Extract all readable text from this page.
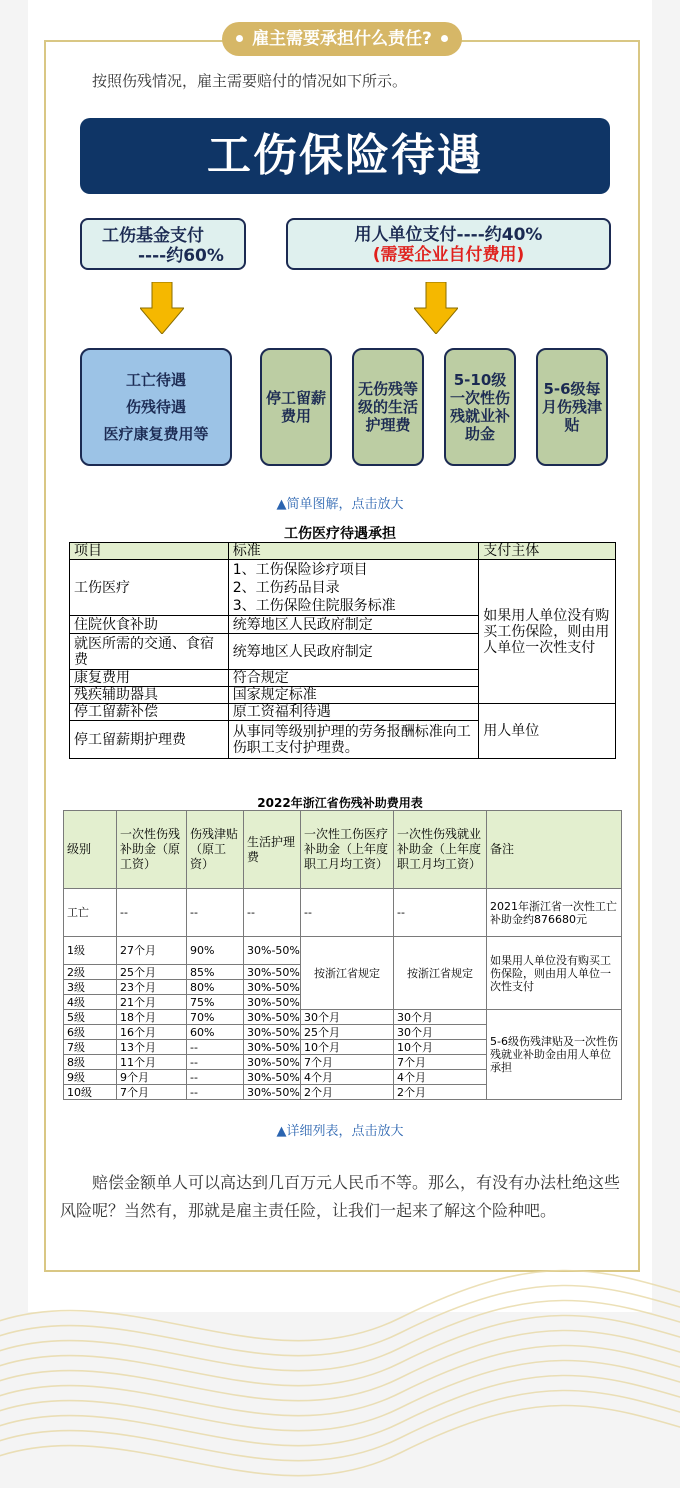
雇主需要承担什么责任?
按照伤残情况，雇主需要赔付的情况如下所示。
工伤保险待遇
工伤基金支付
----约60%
用人单位支付----约40%
(需要企业自付费用)
工亡待遇
伤残待遇
医疗康复费用等
停工留薪费用
无伤残等级的生活护理费
5-10级一次性伤残就业补助金
5-6级每月伤残津贴
▲简单图解，点击放大
工伤医疗待遇承担
项目	标准	支付主体
工伤医疗	1、工伤保险诊疗项目
2、工伤药品目录
3、工伤保险住院服务标准	如果用人单位没有购买工伤保险，则由用人单位一次性支付
住院伙食补助	统筹地区人民政府制定	
就医所需的交通、食宿费	统筹地区人民政府制定	
康复费用	符合规定	
残疾辅助器具	国家规定标准	
停工留薪补偿	原工资福利待遇	用人单位
停工留薪期护理费	从事同等级别护理的劳务报酬标准向工伤职工支付护理费。	
2022年浙江省伤残补助费用表
级别	一次性伤残补助金（原工资）	伤残津贴（原工资）	生活护理费	一次性工伤医疗补助金（上年度职工月均工资）	一次性伤残就业补助金（上年度职工月均工资）	备注
工亡	--	--	--	--	--	2021年浙江省一次性工亡补助金约876680元
1级	27个月	90%	30%-50%	按浙江省规定	按浙江省规定	如果用人单位没有购买工伤保险，则由用人单位一次性支付
2级	25个月	85%	30%-50%			
3级	23个月	80%	30%-50%			
4级	21个月	75%	30%-50%			
5级	18个月	70%	30%-50%	30个月	30个月	5-6级伤残津贴及一次性伤残就业补助金由用人单位承担
6级	16个月	60%	30%-50%	25个月	30个月	
7级	13个月	--	30%-50%	10个月	10个月	
8级	11个月	--	30%-50%	7个月	7个月	
9级	9个月	--	30%-50%	4个月	4个月	
10级	7个月	--	30%-50%	2个月	2个月	
▲详细列表，点击放大
赔偿金额单人可以高达到几百万元人民币不等。那么，有没有办法杜绝这些风险呢？当然有，那就是雇主责任险，让我们一起来了解这个险种吧。
